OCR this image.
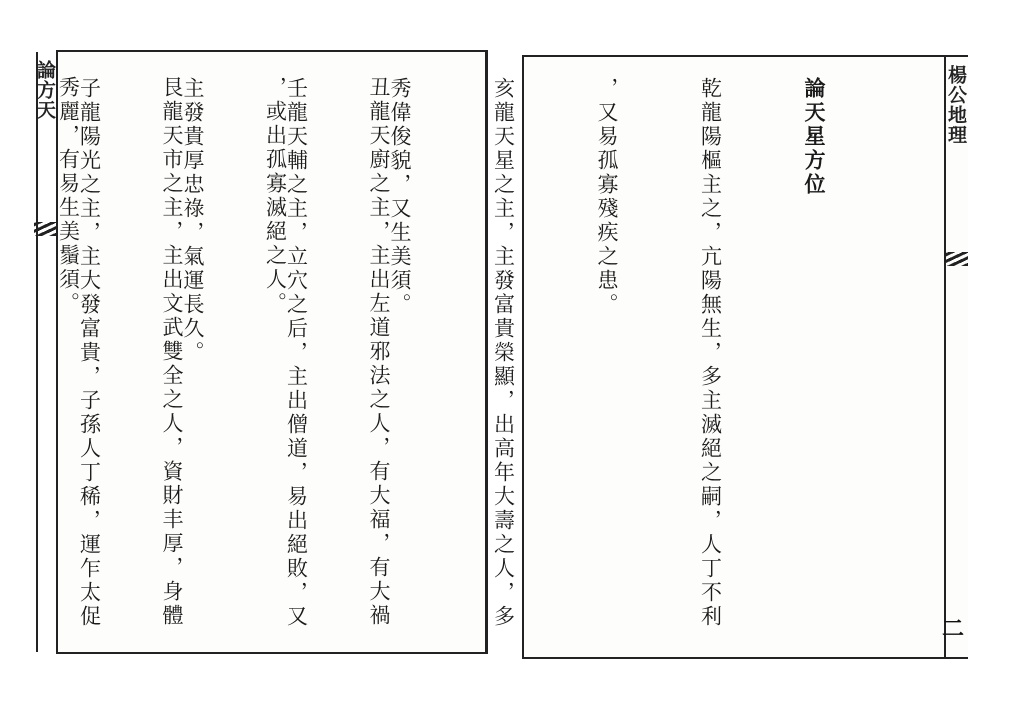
論方天

	丑龍天廚之主，主出左道邪法之人，有大福，有大禍

，或出孤寡滅絕之人。

艮龍天市之主，主出文武雙全之人，資財丰厚，身體

秀麗，有易生美鬚須。

	論天星方位

乾龍陽樞主之，亢陽無生，多主滅絕之嗣，人丁不利

，又易孤寡殘疾之患。

亥龍天星之主，主發富貴榮顯，出高年大壽之人，多

秀偉俊貌，又生美須。

壬龍天輔之主，立穴之后，主出僧道，易出絕敗，又

主發貴厚忠祿，氣運長久。

子龍陽光之主，主大發富貴，子孫人丁稀，運乍太促

	楊公地理
二
